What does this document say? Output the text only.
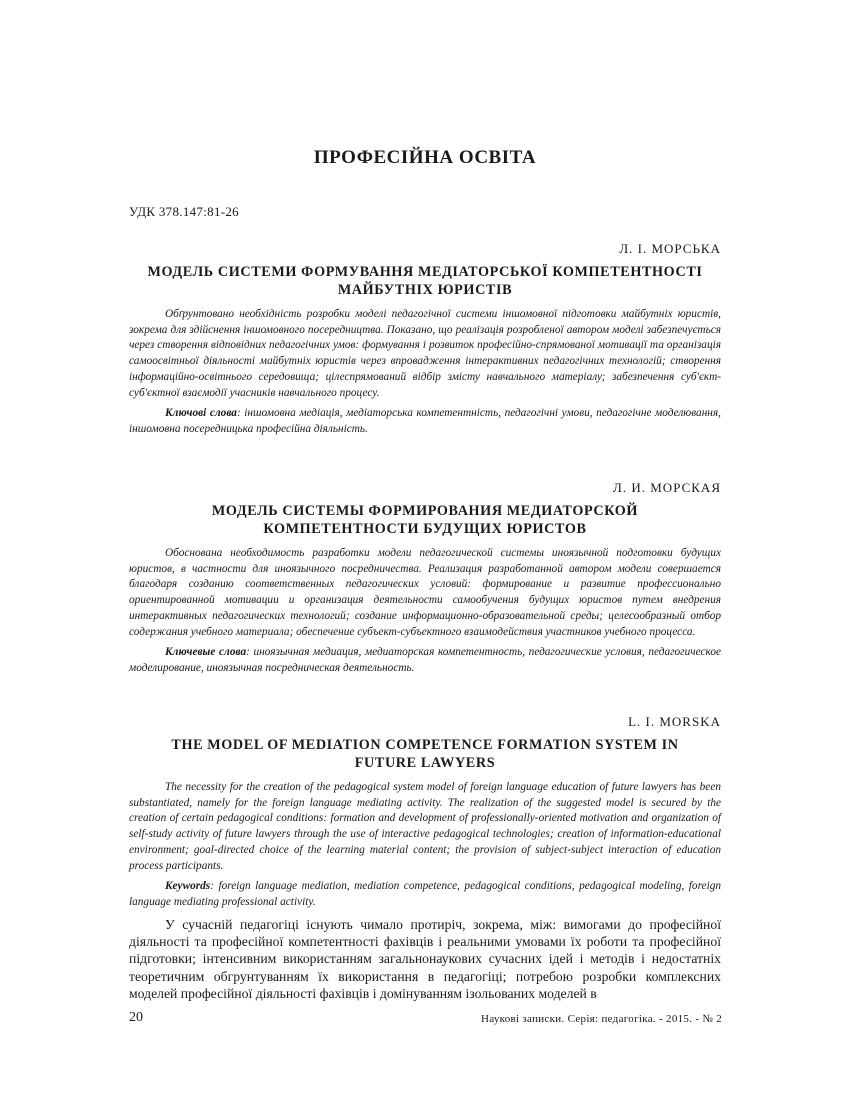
ПРОФЕСІЙНА ОСВІТА
УДК 378.147:81-26
Л. І. МОРСЬКА
МОДЕЛЬ СИСТЕМИ ФОРМУВАННЯ МЕДІАТОРСЬКОЇ КОМПЕТЕНТНОСТІ
МАЙБУТНІХ ЮРИСТІВ
Обґрунтовано необхідність розробки моделі педагогічної системи іншомовної підготовки майбутніх юристів, зокрема для здійснення іншомовного посередництва. Показано, що реалізація розробленої автором моделі забезпечується через створення відповідних педагогічних умов: формування і розвиток професійно-спрямованої мотивації та організація самоосвітньої діяльності майбутніх юристів через впровадження інтерактивних педагогічних технологій; створення інформаційно-освітнього середовища; цілеспрямований відбір змісту навчального матеріалу; забезпечення суб'єкт-суб'єктної взаємодії учасників навчального процесу.
Ключові слова: іншомовна медіація, медіаторська компетентність, педагогічні умови, педагогічне моделювання, іншомовна посередницька професійна діяльність.
Л. И. МОРСКАЯ
МОДЕЛЬ СИСТЕМЫ ФОРМИРОВАНИЯ МЕДИАТОРСКОЙ
КОМПЕТЕНТНОСТИ БУДУЩИХ ЮРИСТОВ
Обоснована необходимость разработки модели педагогической системы иноязычной подготовки будущих юристов, в частности для иноязычного посредничества. Реализация разработанной автором модели совершается благодаря созданию соответственных педагогических условий: формирование и развитие профессионально ориентированной мотивации и организация деятельности самообучения будущих юристов путем внедрения интерактивных педагогических технологий; создание информационно-образовательной среды; целесообразный отбор содержания учебного материала; обеспечение субъект-субъектного взаимодействия участников учебного процесса.
Ключевые слова: иноязычная медиация, медиаторская компетентность, педагогические условия, педагогическое моделирование, иноязычная посредническая деятельность.
L. I. MORSKA
THE MODEL OF MEDIATION COMPETENCE FORMATION SYSTEM IN
FUTURE LAWYERS
The necessity for the creation of the pedagogical system model of foreign language education of future lawyers has been substantiated, namely for the foreign language mediating activity. The realization of the suggested model is secured by the creation of certain pedagogical conditions: formation and development of professionally-oriented motivation and organization of self-study activity of future lawyers through the use of interactive pedagogical technologies; creation of information-educational environment; goal-directed choice of the learning material content; the provision of subject-subject interaction of education process participants.
Keywords: foreign language mediation, mediation competence, pedagogical conditions, pedagogical modeling, foreign language mediating professional activity.
У сучасній педагогіці існують чимало протиріч, зокрема, між: вимогами до професійної діяльності та професійної компетентності фахівців і реальними умовами їх роботи та професійної підготовки; інтенсивним використанням загальнонаукових сучасних ідей і методів і недостатніх теоретичним обгрунтуванням їх використання в педагогіці; потребою розробки комплексних моделей професійної діяльності фахівців і домінуванням ізольованих моделей в
20	Наукові записки. Серія: педагогіка. - 2015. - № 2
